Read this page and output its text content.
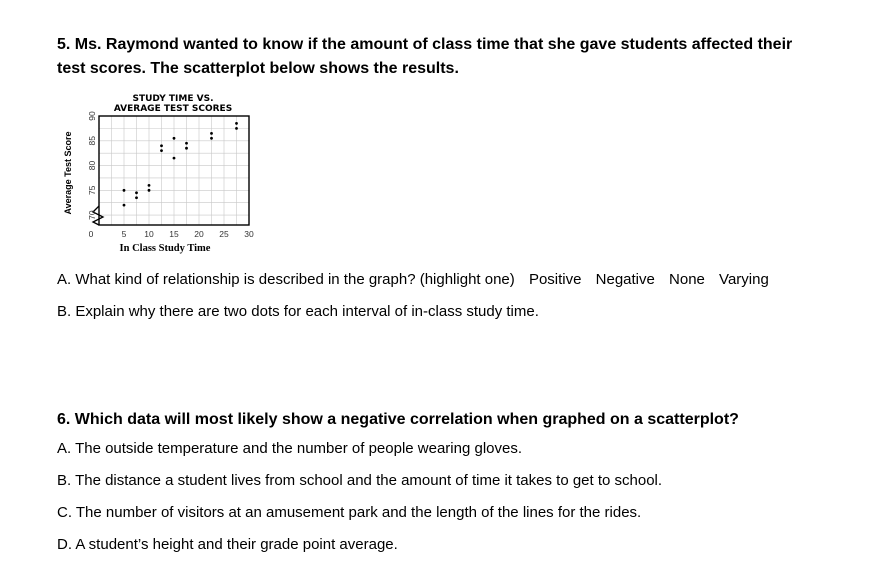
5. Ms. Raymond wanted to know if the amount of class time that she gave students affected their
test scores. The scatterplot below shows the results.
STUDY TIME VS.
AVERAGE TEST SCORES
70
75
80
85
90
5 10 15 20 25 30
0
In Class Study Time
Average Test Score

A. What kind of relationship is described in the graph? (highlight one) Positive Negative None Varying

B. Explain why there are two dots for each interval of in-class study time.

6. Which data will most likely show a negative correlation when graphed on a scatterplot?

A. The outside temperature and the number of people wearing gloves.

B. The distance a student lives from school and the amount of time it takes to get to school.

C. The number of visitors at an amusement park and the length of the lines for the rides.

D. A student’s height and their grade point average.
